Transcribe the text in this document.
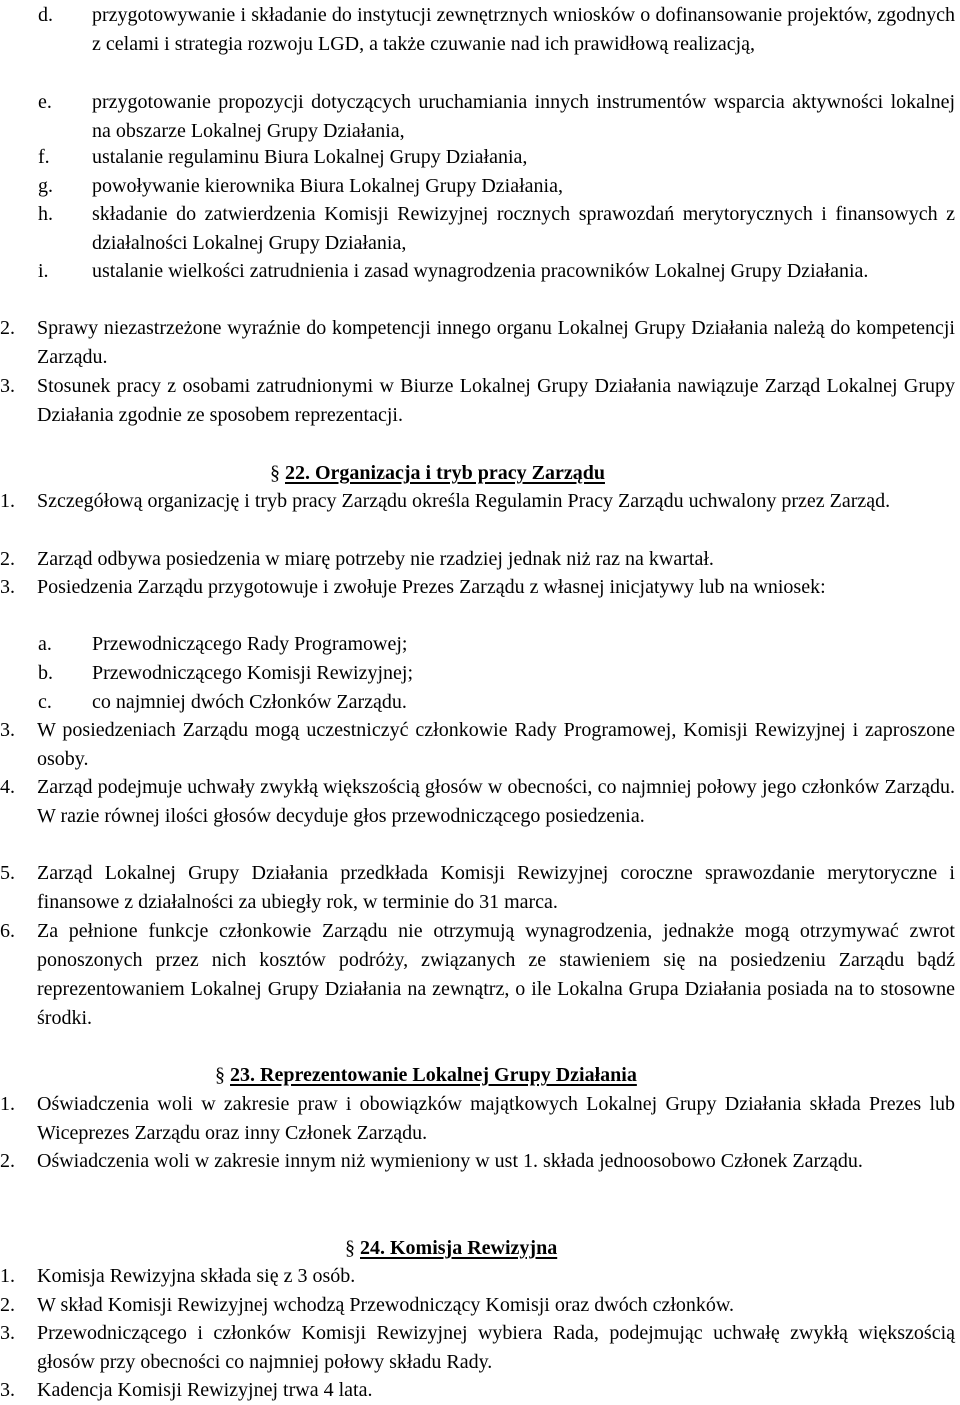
d.	przygotowywanie i składanie do instytucji zewnętrznych wniosków o dofinansowanie projektów, zgodnych z celami i strategia rozwoju LGD, a także czuwanie nad ich prawidłową realizacją,
e.	przygotowanie propozycji dotyczących uruchamiania innych instrumentów wsparcia aktywności lokalnej na obszarze Lokalnej Grupy Działania,
f.	ustalanie regulaminu Biura Lokalnej Grupy Działania,
g.	powoływanie kierownika Biura Lokalnej Grupy Działania,
h.	składanie do zatwierdzenia Komisji Rewizyjnej rocznych sprawozdań merytorycznych i finansowych z działalności Lokalnej Grupy Działania,
i.	ustalanie wielkości zatrudnienia i zasad wynagrodzenia pracowników Lokalnej Grupy Działania.
2.	Sprawy niezastrzeżone wyraźnie do kompetencji innego organu Lokalnej Grupy Działania należą do kompetencji Zarządu.
3.	Stosunek pracy z osobami zatrudnionymi w Biurze Lokalnej Grupy Działania nawiązuje Zarząd Lokalnej Grupy Działania zgodnie ze sposobem reprezentacji.
§ 22. Organizacja i tryb pracy Zarządu
1.	Szczegółową organizację i tryb pracy Zarządu określa Regulamin Pracy Zarządu uchwalony przez Zarząd.
2.	Zarząd odbywa posiedzenia w miarę potrzeby nie rzadziej jednak niż raz na kwartał.
3.	Posiedzenia Zarządu przygotowuje i zwołuje Prezes Zarządu z własnej inicjatywy lub na wniosek:
a.	Przewodniczącego Rady Programowej;
b.	Przewodniczącego Komisji Rewizyjnej;
c.	co najmniej dwóch Członków Zarządu.
3.	W posiedzeniach Zarządu mogą uczestniczyć członkowie Rady Programowej, Komisji Rewizyjnej i zaproszone osoby.
4.	Zarząd podejmuje uchwały zwykłą większością głosów w obecności, co najmniej połowy jego członków Zarządu. W razie równej ilości głosów decyduje głos przewodniczącego posiedzenia.
5.	Zarząd Lokalnej Grupy Działania przedkłada Komisji Rewizyjnej coroczne sprawozdanie merytoryczne i finansowe z działalności za ubiegły rok, w terminie do 31 marca.
6.	Za pełnione funkcje członkowie Zarządu nie otrzymują wynagrodzenia, jednakże mogą otrzymywać zwrot ponoszonych przez nich kosztów podróży, związanych ze stawieniem się na posiedzeniu Zarządu bądź reprezentowaniem Lokalnej Grupy Działania na zewnątrz, o ile Lokalna Grupa Działania posiada na to stosowne środki.
§ 23. Reprezentowanie Lokalnej Grupy Działania
1.	Oświadczenia woli w zakresie praw i obowiązków majątkowych Lokalnej Grupy Działania składa Prezes lub Wiceprezes Zarządu oraz inny Członek Zarządu.
2.	Oświadczenia woli w zakresie innym niż wymieniony w ust 1. składa jednoosobowo Członek Zarządu.
§ 24. Komisja Rewizyjna
1.	Komisja Rewizyjna składa się z 3 osób.
2.	W skład Komisji Rewizyjnej wchodzą Przewodniczący Komisji oraz dwóch członków.
3.	Przewodniczącego i członków Komisji Rewizyjnej wybiera Rada, podejmując uchwałę zwykłą większością głosów przy obecności co najmniej połowy składu Rady.
3.	Kadencja Komisji Rewizyjnej trwa 4 lata.
